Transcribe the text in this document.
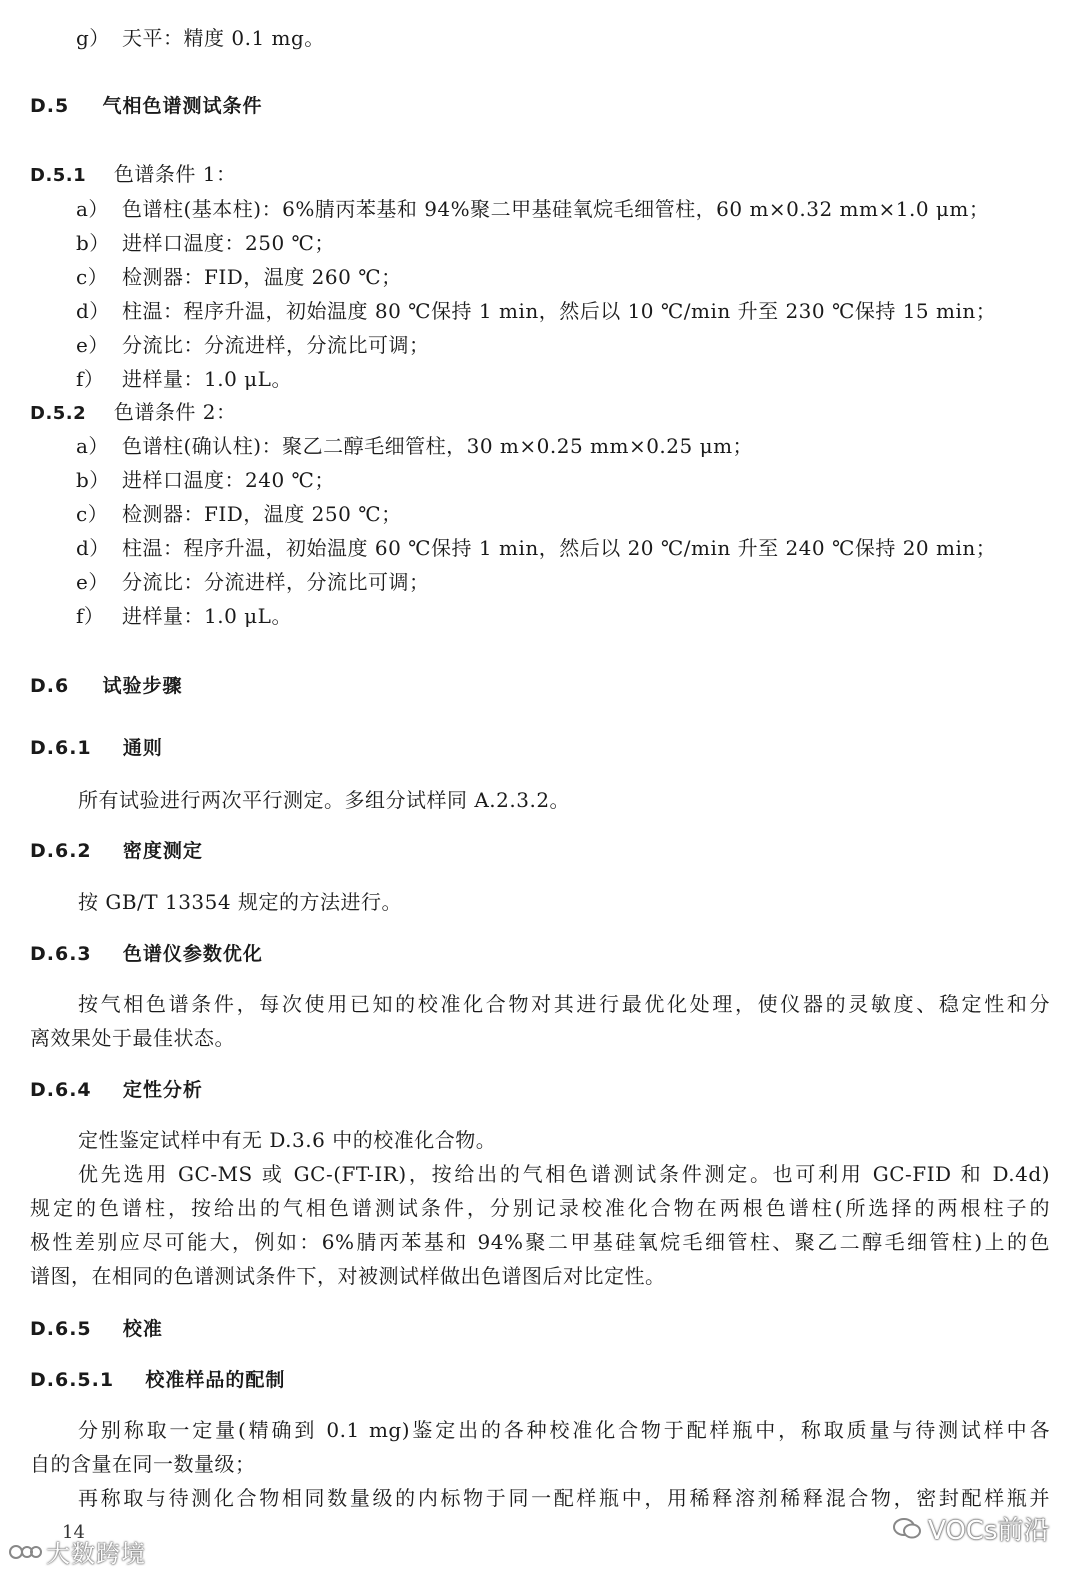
g） 天平：精度 0.1 mg。
D.5 气相色谱测试条件
D.5.1 色谱条件 1：
a） 色谱柱(基本柱)：6%腈丙苯基和 94%聚二甲基硅氧烷毛细管柱，60 m×0.32 mm×1.0 μm；
b） 进样口温度：250 ℃；
c） 检测器：FID，温度 260 ℃；
d） 柱温：程序升温，初始温度 80 ℃保持 1 min，然后以 10 ℃/min 升至 230 ℃保持 15 min；
e） 分流比：分流进样，分流比可调；
f） 进样量：1.0 μL。
D.5.2 色谱条件 2：
a） 色谱柱(确认柱)：聚乙二醇毛细管柱，30 m×0.25 mm×0.25 μm；
b） 进样口温度：240 ℃；
c） 检测器：FID，温度 250 ℃；
d） 柱温：程序升温，初始温度 60 ℃保持 1 min，然后以 20 ℃/min 升至 240 ℃保持 20 min；
e） 分流比：分流进样，分流比可调；
f） 进样量：1.0 μL。
D.6 试验步骤
D.6.1 通则
所有试验进行两次平行测定。多组分试样同 A.2.3.2。
D.6.2 密度测定
按 GB/T 13354 规定的方法进行。
D.6.3 色谱仪参数优化
按气相色谱条件，每次使用已知的校准化合物对其进行最优化处理，使仪器的灵敏度、稳定性和分
离效果处于最佳状态。
D.6.4 定性分析
定性鉴定试样中有无 D.3.6 中的校准化合物。
优先选用 GC-MS 或 GC-(FT-IR)，按给出的气相色谱测试条件测定。也可利用 GC-FID 和 D.4d)
规定的色谱柱，按给出的气相色谱测试条件，分别记录校准化合物在两根色谱柱(所选择的两根柱子的
极性差别应尽可能大，例如：6%腈丙苯基和 94%聚二甲基硅氧烷毛细管柱、聚乙二醇毛细管柱)上的色
谱图，在相同的色谱测试条件下，对被测试样做出色谱图后对比定性。
D.6.5 校准
D.6.5.1 校准样品的配制
分别称取一定量(精确到 0.1 mg)鉴定出的各种校准化合物于配样瓶中，称取质量与待测试样中各
自的含量在同一数量级；
再称取与待测化合物相同数量级的内标物于同一配样瓶中，用稀释溶剂稀释混合物，密封配样瓶并
14
大数跨境
VOCs前沿
